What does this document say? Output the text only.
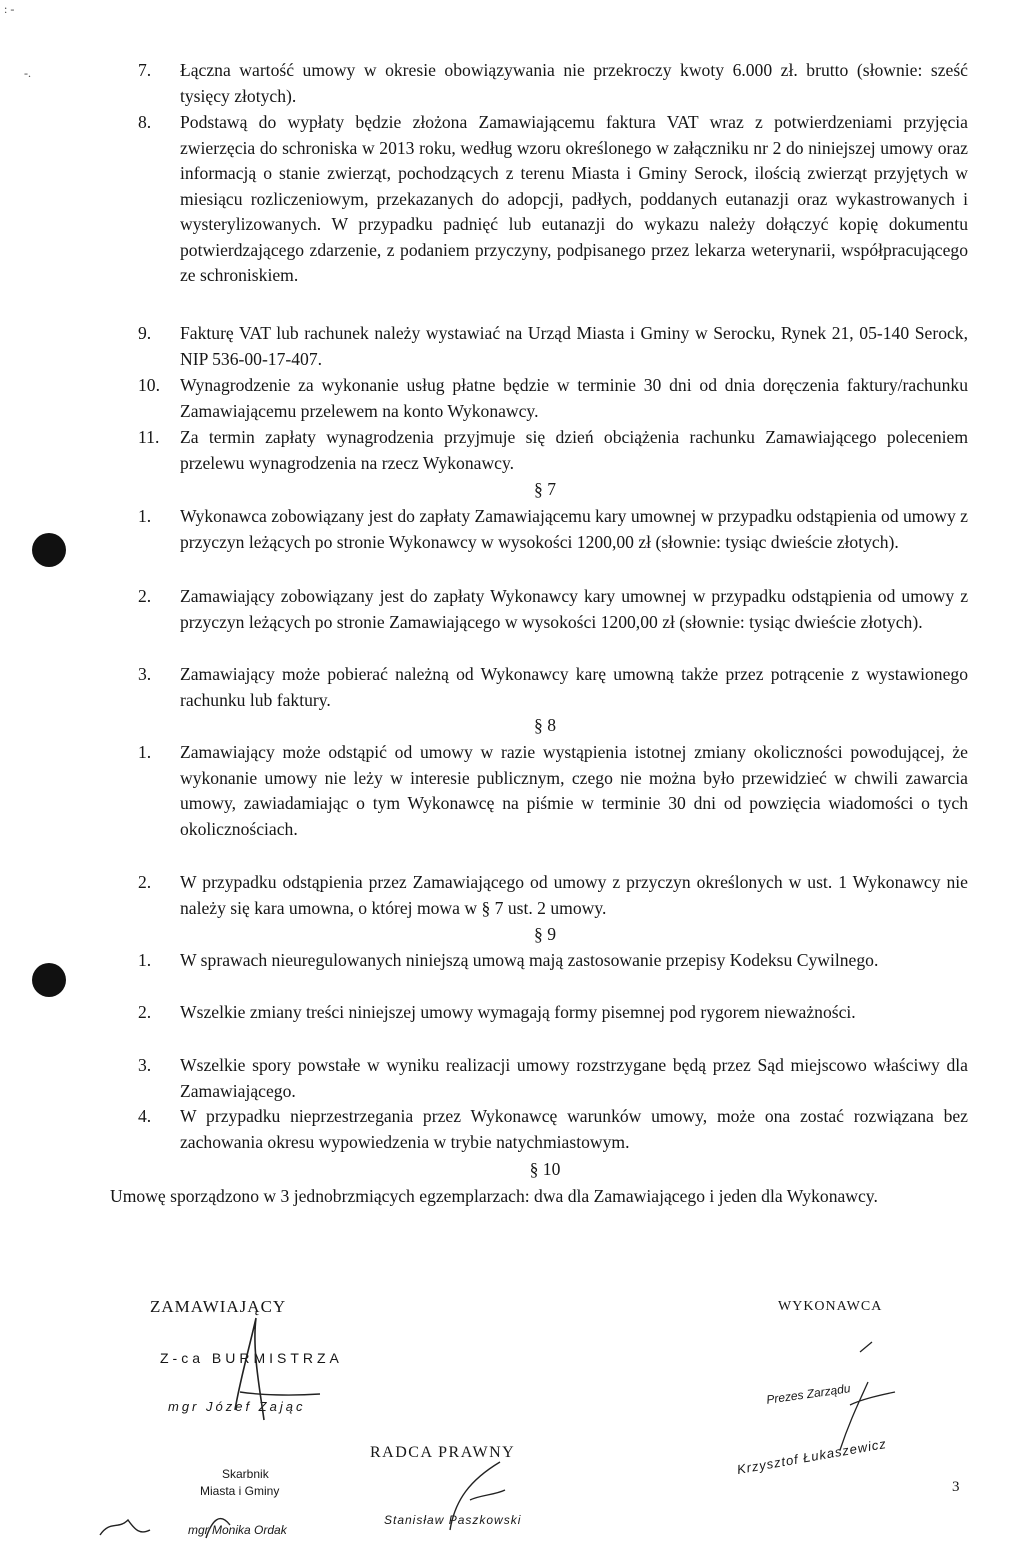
: -
-.	7.	Łączna wartość umowy w okresie obowiązywania nie przekroczy kwoty 6.000 zł. brutto (słownie: sześć tysięcy złotych).
8.	Podstawą do wypłaty będzie złożona Zamawiającemu faktura VAT wraz z potwierdzeniami przyjęcia zwierzęcia do schroniska w 2013 roku, według wzoru określonego w załączniku nr 2 do niniejszej umowy oraz informacją o stanie zwierząt, pochodzących z terenu Miasta i Gminy Serock, ilością zwierząt przyjętych w miesiącu rozliczeniowym, przekazanych do adopcji, padłych, poddanych eutanazji oraz wykastrowanych i wysterylizowanych. W przypadku padnięć lub eutanazji do wykazu należy dołączyć kopię dokumentu potwierdzającego zdarzenie, z podaniem przyczyny, podpisanego przez lekarza weterynarii, współpracującego ze schroniskiem.
9.	Fakturę VAT lub rachunek należy wystawiać na Urząd Miasta i Gminy w Serocku, Rynek 21, 05-140 Serock, NIP 536-00-17-407.
10.	Wynagrodzenie za wykonanie usług płatne będzie w terminie 30 dni od dnia doręczenia faktury/rachunku Zamawiającemu przelewem na konto Wykonawcy.
11.	Za termin zapłaty wynagrodzenia przyjmuje się dzień obciążenia rachunku Zamawiającego poleceniem przelewu wynagrodzenia na rzecz Wykonawcy.
§ 7
1.	Wykonawca zobowiązany jest do zapłaty Zamawiającemu kary umownej w przypadku odstąpienia od umowy z przyczyn leżących po stronie Wykonawcy w wysokości 1200,00 zł (słownie: tysiąc dwieście złotych).
2.	Zamawiający zobowiązany jest do zapłaty Wykonawcy kary umownej w przypadku odstąpienia od umowy z przyczyn leżących po stronie Zamawiającego w wysokości 1200,00 zł (słownie: tysiąc dwieście złotych).
3.	Zamawiający może pobierać należną od Wykonawcy karę umowną także przez potrącenie z wystawionego rachunku lub faktury.
§ 8
1.	Zamawiający może odstąpić od umowy w razie wystąpienia istotnej zmiany okoliczności powodującej, że wykonanie umowy nie leży w interesie publicznym, czego nie można było przewidzieć w chwili zawarcia umowy, zawiadamiając o tym Wykonawcę na piśmie w terminie 30 dni od powzięcia wiadomości o tych okolicznościach.
2.	W przypadku odstąpienia przez Zamawiającego od umowy z przyczyn określonych w ust. 1 Wykonawcy nie należy się kara umowna, o której mowa w § 7 ust. 2 umowy.
§ 9
1.	W sprawach nieuregulowanych niniejszą umową mają zastosowanie przepisy Kodeksu Cywilnego.
2.	Wszelkie zmiany treści niniejszej umowy wymagają formy pisemnej pod rygorem nieważności.
3.	Wszelkie spory powstałe w wyniku realizacji umowy rozstrzygane będą przez Sąd miejscowo właściwy dla Zamawiającego.
4.	W przypadku nieprzestrzegania przez Wykonawcę warunków umowy, może ona zostać rozwiązana bez zachowania okresu wypowiedzenia w trybie natychmiastowym.
§ 10
Umowę sporządzono w 3 jednobrzmiących egzemplarzach: dwa dla Zamawiającego i jeden dla Wykonawcy.
ZAMAWIAJĄCY
Z-ca BURMISTRZA
mgr Józef Zając
WYKONAWCA
Prezes Zarządu
Krzysztof Łukaszewicz
Skarbnik
Miasta i Gminy
mgr Monika Ordak
RADCA PRAWNY
Stanisław Paszkowski
3
